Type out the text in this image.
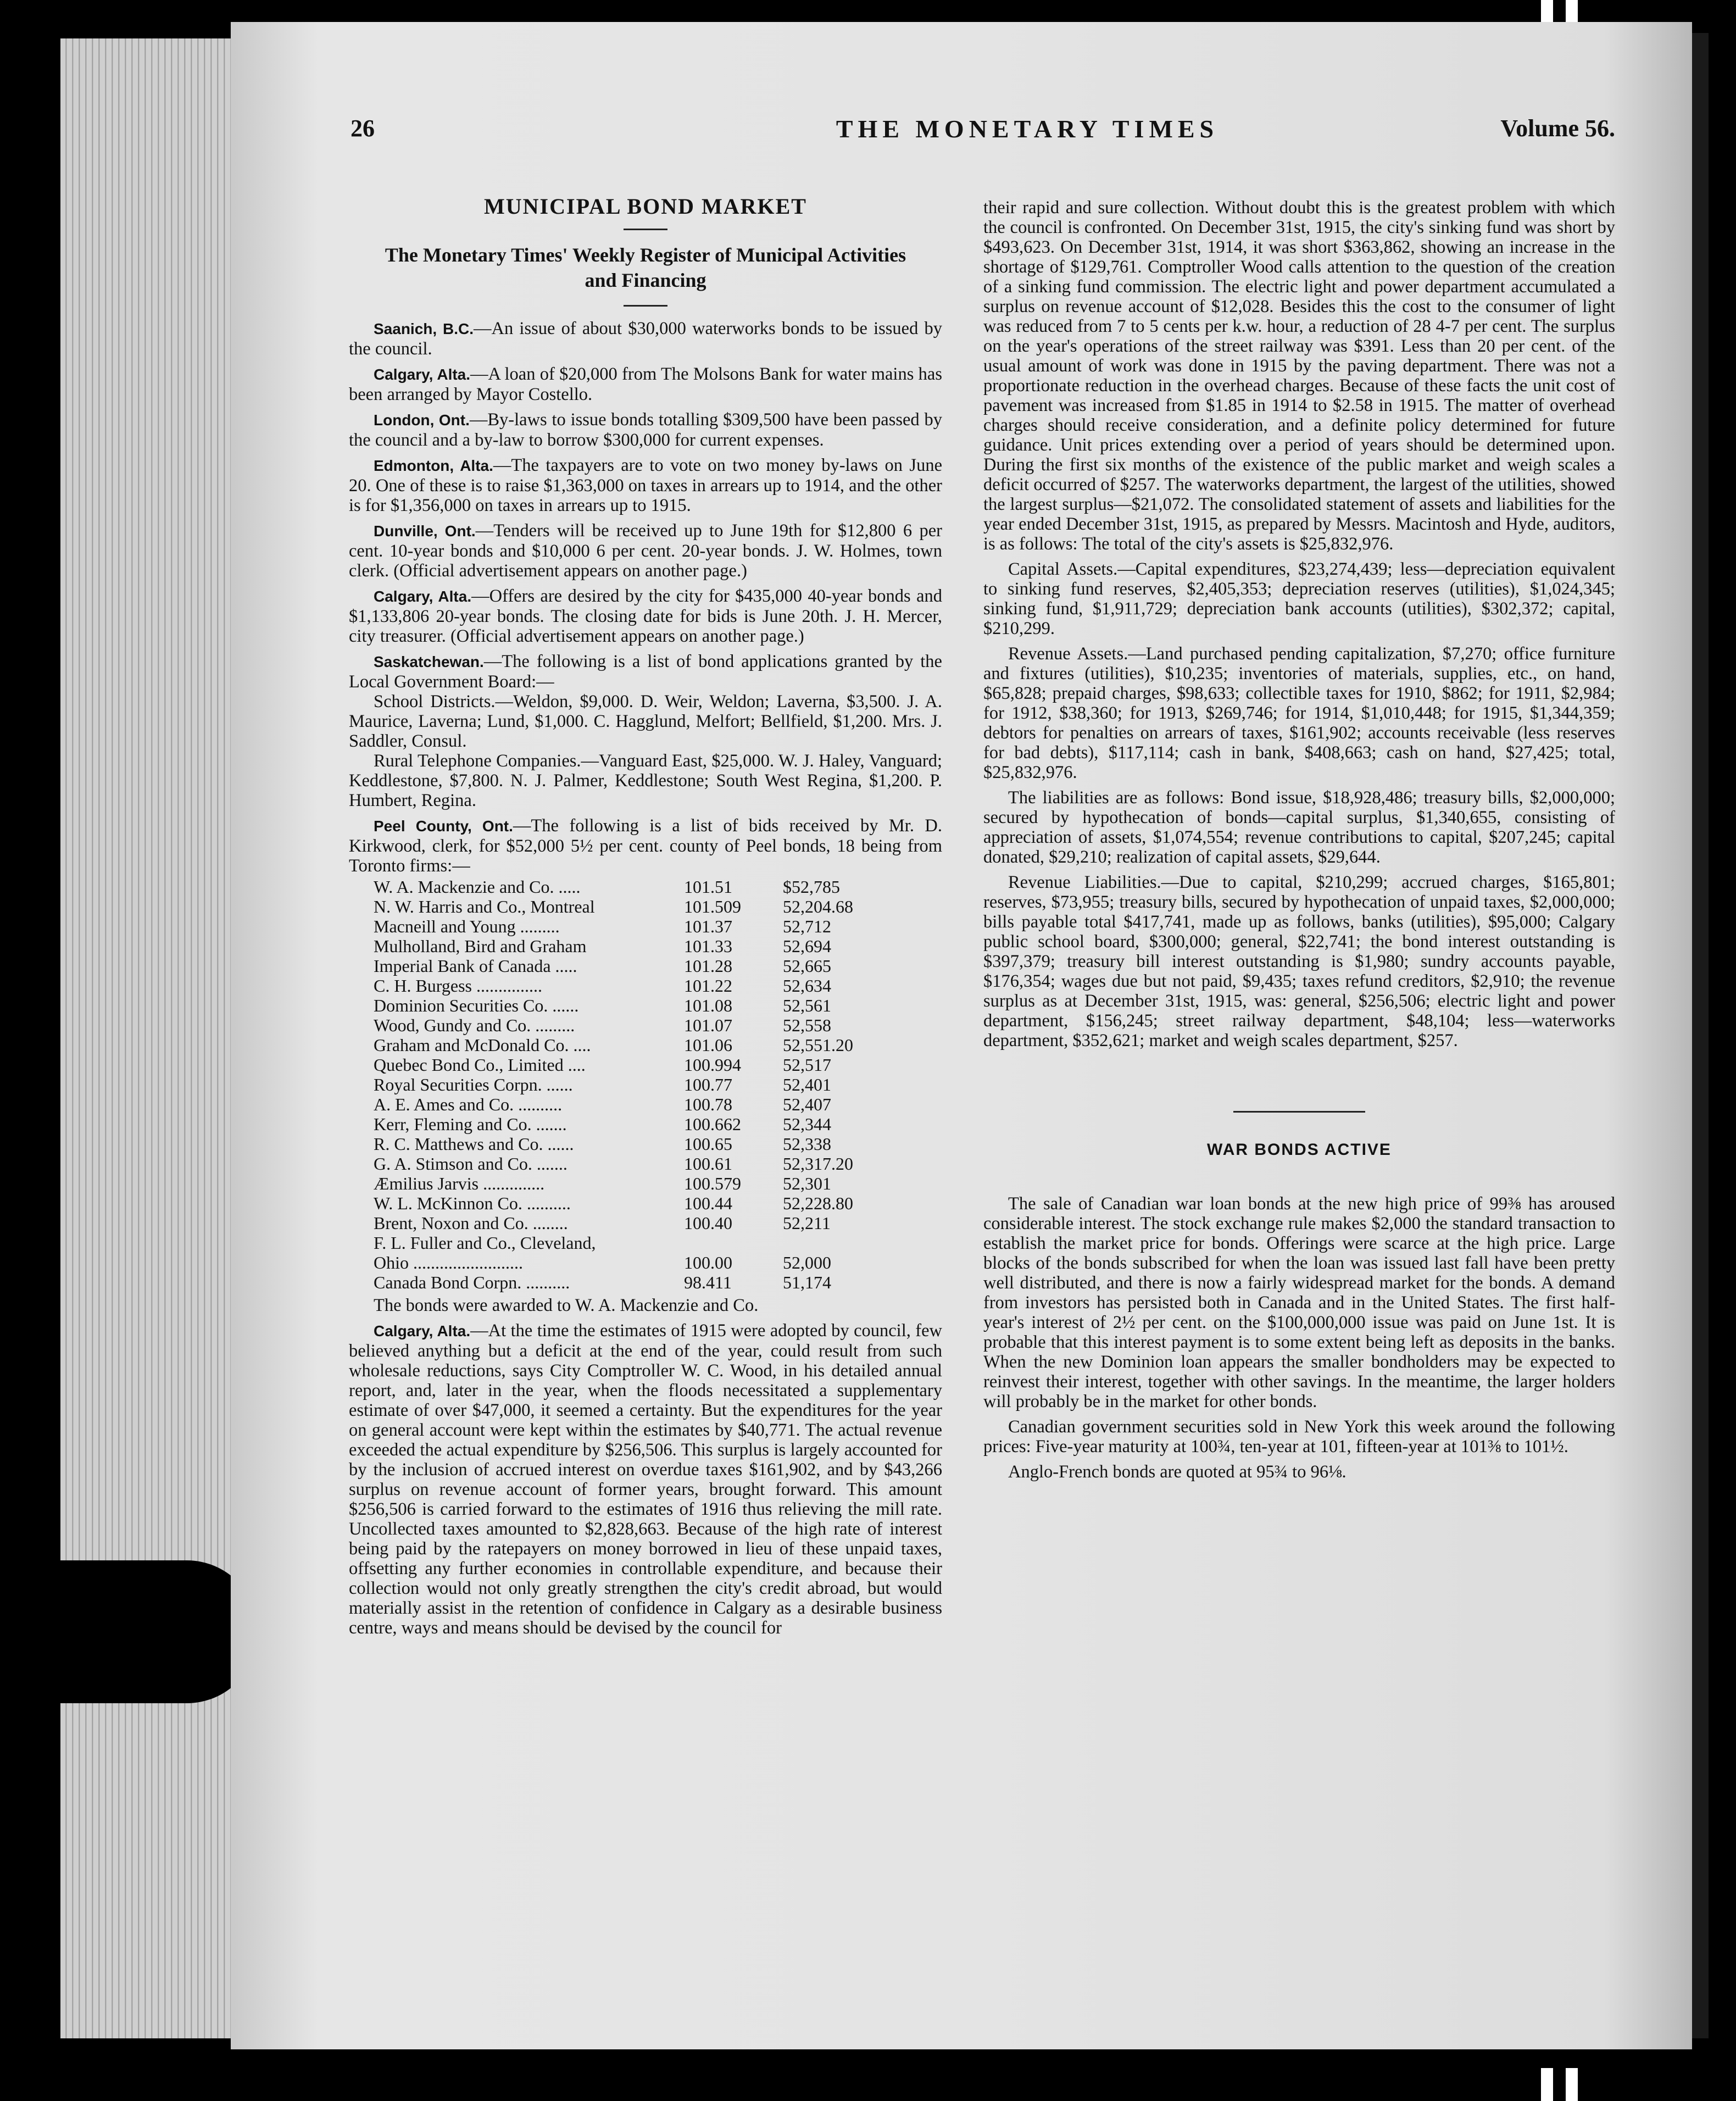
26	THE MONETARY TIMES	Volume 56.
MUNICIPAL BOND MARKET
The Monetary Times' Weekly Register of Municipal Activities and Financing

Saanich, B.C.—An issue of about $30,000 waterworks bonds to be issued by the council.

Calgary, Alta.—A loan of $20,000 from The Molsons Bank for water mains has been arranged by Mayor Costello.

London, Ont.—By-laws to issue bonds totalling $309,500 have been passed by the council and a by-law to borrow $300,000 for current expenses.

Edmonton, Alta.—The taxpayers are to vote on two money by-laws on June 20. One of these is to raise $1,363,000 on taxes in arrears up to 1914, and the other is for $1,356,000 on taxes in arrears up to 1915.

Dunville, Ont.—Tenders will be received up to June 19th for $12,800 6 per cent. 10-year bonds and $10,000 6 per cent. 20-year bonds. J. W. Holmes, town clerk. (Official advertisement appears on another page.)

Calgary, Alta.—Offers are desired by the city for $435,000 40-year bonds and $1,133,806 20-year bonds. The closing date for bids is June 20th. J. H. Mercer, city treasurer. (Official advertisement appears on another page.)

Saskatchewan.—The following is a list of bond applications granted by the Local Government Board:—

School Districts.—Weldon, $9,000. D. Weir, Weldon; Laverna, $3,500. J. A. Maurice, Laverna; Lund, $1,000. C. Hagglund, Melfort; Bellfield, $1,200. Mrs. J. Saddler, Consul.

Rural Telephone Companies.—Vanguard East, $25,000. W. J. Haley, Vanguard; Keddlestone, $7,800. N. J. Palmer, Keddlestone; South West Regina, $1,200. P. Humbert, Regina.

Peel County, Ont.—The following is a list of bids received by Mr. D. Kirkwood, clerk, for $52,000 5½ per cent. county of Peel bonds, 18 being from Toronto firms:—

W. A. Mackenzie and Co. .....	101.51	$52,785
N. W. Harris and Co., Montreal	101.509	52,204.68
Macneill and Young .........	101.37	52,712
Mulholland, Bird and Graham	101.33	52,694
Imperial Bank of Canada .....	101.28	52,665
C. H. Burgess ...............	101.22	52,634
Dominion Securities Co. ......	101.08	52,561
Wood, Gundy and Co. .........	101.07	52,558
Graham and McDonald Co. ....	101.06	52,551.20
Quebec Bond Co., Limited ....	100.994	52,517
Royal Securities Corpn. ......	100.77	52,401
A. E. Ames and Co. ..........	100.78	52,407
Kerr, Fleming and Co. .......	100.662	52,344
R. C. Matthews and Co. ......	100.65	52,338
G. A. Stimson and Co. .......	100.61	52,317.20
Æmilius Jarvis ..............	100.579	52,301
W. L. McKinnon Co. ..........	100.44	52,228.80
Brent, Noxon and Co. ........	100.40	52,211
F. L. Fuller and Co., Cleveland,		
Ohio .........................	100.00	52,000
Canada Bond Corpn. ..........	98.411	51,174

The bonds were awarded to W. A. Mackenzie and Co.

Calgary, Alta.—At the time the estimates of 1915 were adopted by council, few believed anything but a deficit at the end of the year, could result from such wholesale reductions, says City Comptroller W. C. Wood, in his detailed annual report, and, later in the year, when the floods necessitated a supplementary estimate of over $47,000, it seemed a certainty. But the expenditures for the year on general account were kept within the estimates by $40,771. The actual revenue exceeded the actual expenditure by $256,506. This surplus is largely accounted for by the inclusion of accrued interest on overdue taxes $161,902, and by $43,266 surplus on revenue account of former years, brought forward. This amount $256,506 is carried forward to the estimates of 1916 thus relieving the mill rate. Uncollected taxes amounted to $2,828,663. Because of the high rate of interest being paid by the ratepayers on money borrowed in lieu of these unpaid taxes, offsetting any further economies in controllable expenditure, and because their collection would not only greatly strengthen the city's credit abroad, but would materially assist in the retention of confidence in Calgary as a desirable business centre, ways and means should be devised by the council for

their rapid and sure collection. Without doubt this is the greatest problem with which the council is confronted. On December 31st, 1915, the city's sinking fund was short by $493,623. On December 31st, 1914, it was short $363,862, showing an increase in the shortage of $129,761. Comptroller Wood calls attention to the question of the creation of a sinking fund commission. The electric light and power department accumulated a surplus on revenue account of $12,028. Besides this the cost to the consumer of light was reduced from 7 to 5 cents per k.w. hour, a reduction of 28 4-7 per cent. The surplus on the year's operations of the street railway was $391. Less than 20 per cent. of the usual amount of work was done in 1915 by the paving department. There was not a proportionate reduction in the overhead charges. Because of these facts the unit cost of pavement was increased from $1.85 in 1914 to $2.58 in 1915. The matter of overhead charges should receive consideration, and a definite policy determined for future guidance. Unit prices extending over a period of years should be determined upon. During the first six months of the existence of the public market and weigh scales a deficit occurred of $257. The waterworks department, the largest of the utilities, showed the largest surplus—$21,072. The consolidated statement of assets and liabilities for the year ended December 31st, 1915, as prepared by Messrs. Macintosh and Hyde, auditors, is as follows: The total of the city's assets is $25,832,976.

Capital Assets.—Capital expenditures, $23,274,439; less—depreciation equivalent to sinking fund reserves, $2,405,353; depreciation reserves (utilities), $1,024,345; sinking fund, $1,911,729; depreciation bank accounts (utilities), $302,372; capital, $210,299.

Revenue Assets.—Land purchased pending capitalization, $7,270; office furniture and fixtures (utilities), $10,235; inventories of materials, supplies, etc., on hand, $65,828; prepaid charges, $98,633; collectible taxes for 1910, $862; for 1911, $2,984; for 1912, $38,360; for 1913, $269,746; for 1914, $1,010,448; for 1915, $1,344,359; debtors for penalties on arrears of taxes, $161,902; accounts receivable (less reserves for bad debts), $117,114; cash in bank, $408,663; cash on hand, $27,425; total, $25,832,976.

The liabilities are as follows: Bond issue, $18,928,486; treasury bills, $2,000,000; secured by hypothecation of bonds—capital surplus, $1,340,655, consisting of appreciation of assets, $1,074,554; revenue contributions to capital, $207,245; capital donated, $29,210; realization of capital assets, $29,644.

Revenue Liabilities.—Due to capital, $210,299; accrued charges, $165,801; reserves, $73,955; treasury bills, secured by hypothecation of unpaid taxes, $2,000,000; bills payable total $417,741, made up as follows, banks (utilities), $95,000; Calgary public school board, $300,000; general, $22,741; the bond interest outstanding is $397,379; treasury bill interest outstanding is $1,980; sundry accounts payable, $176,354; wages due but not paid, $9,435; taxes refund creditors, $2,910; the revenue surplus as at December 31st, 1915, was: general, $256,506; electric light and power department, $156,245; street railway department, $48,104; less—waterworks department, $352,621; market and weigh scales department, $257.

WAR BONDS ACTIVE

The sale of Canadian war loan bonds at the new high price of 99⅜ has aroused considerable interest. The stock exchange rule makes $2,000 the standard transaction to establish the market price for bonds. Offerings were scarce at the high price. Large blocks of the bonds subscribed for when the loan was issued last fall have been pretty well distributed, and there is now a fairly widespread market for the bonds. A demand from investors has persisted both in Canada and in the United States. The first half-year's interest of 2½ per cent. on the $100,000,000 issue was paid on June 1st. It is probable that this interest payment is to some extent being left as deposits in the banks. When the new Dominion loan appears the smaller bondholders may be expected to reinvest their interest, together with other savings. In the meantime, the larger holders will probably be in the market for other bonds.

Canadian government securities sold in New York this week around the following prices: Five-year maturity at 100¾, ten-year at 101, fifteen-year at 101⅜ to 101½.

Anglo-French bonds are quoted at 95¾ to 96⅛.
